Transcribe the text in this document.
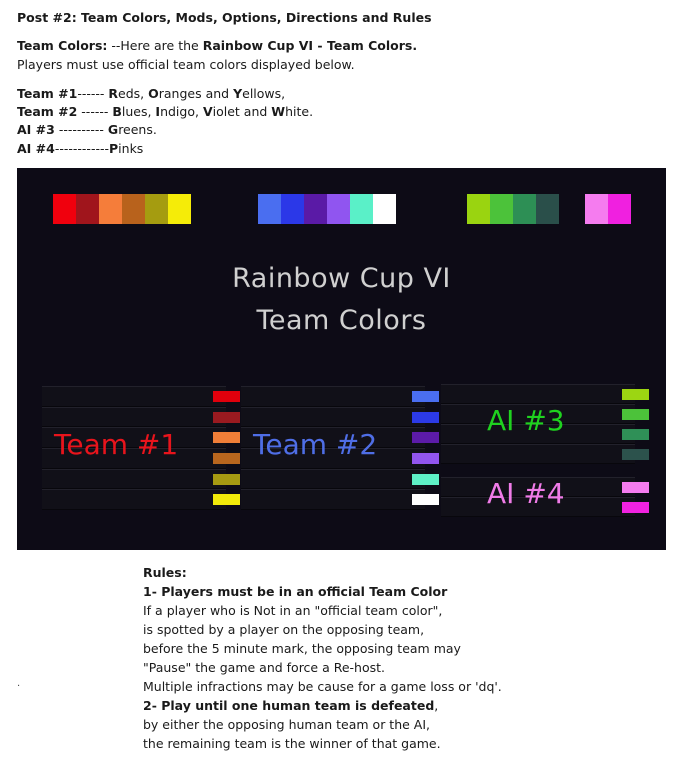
Post #2: Team Colors, Mods, Options, Directions and Rules
Team Colors: --Here are the Rainbow Cup VI - Team Colors.
Players must use official team colors displayed below.
Team #1------ Reds, Oranges and Yellows,
Team #2 ------ Blues, Indigo, Violet and White.
AI #3 ---------- Greens.
AI #4------------Pinks
Rainbow Cup VI
Team Colors
Team #1	Team #2
AI #3
AI #4
.
Rules:
1- Players must be in an official Team Color
If a player who is Not in an "official team color",
is spotted by a player on the opposing team,
before the 5 minute mark, the opposing team may
"Pause" the game and force a Re-host.
Multiple infractions may be cause for a game loss or 'dq'.
2- Play until one human team is defeated,
by either the opposing human team or the AI,
the remaining team is the winner of that game.
